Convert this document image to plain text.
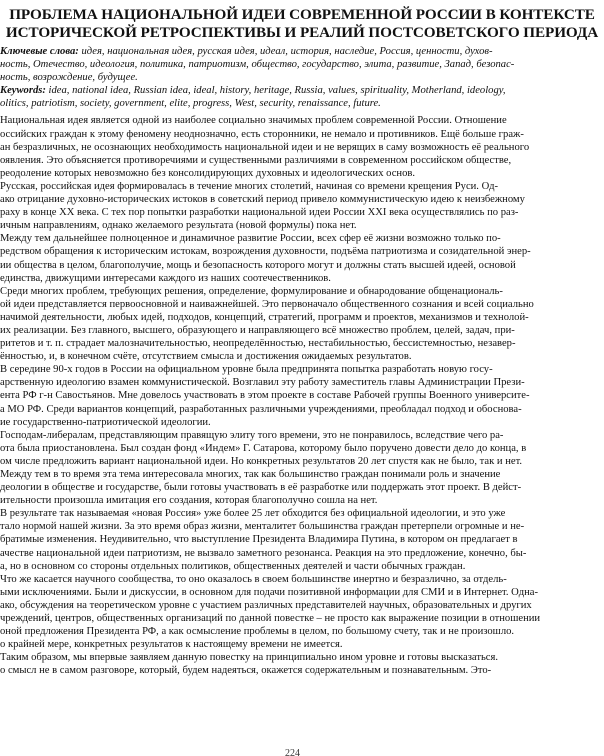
ПРОБЛЕМА НАЦИОНАЛЬНОЙ ИДЕИ СОВРЕМЕННОЙ РОССИИ В КОНТЕКСТЕ
ИСТОРИЧЕСКОЙ РЕТРОСПЕКТИВЫ И РЕАЛИЙ ПОСТСОВЕТСКОГО ПЕРИОДА
Ключевые слова: идея, национальная идея, русская идея, идеал, история, наследие, Россия, ценности, духов-
ность, Отечество, идеология, политика, патриотизм, общество, государство, элита, развитие, Запад, безопас-
ность, возрождение, будущее.
Keywords: idea, national idea, Russian idea, ideal, history, heritage, Russia, values, spirituality, Motherland, ideology,
olitics, patriotism, society, government, elite, progress, West, security, renaissance, future.
Национальная идея является одной из наиболее социально значимых проблем современной России. Отношение
оссийских граждан к этому феномену неоднозначно, есть сторонники, не немало и противников. Ещё больше граж-
ан безразличных, не осознающих необходимость национальной идеи и не верящих в саму возможность её реального
оявления. Это объясняется противоречиями и существенными различиями в современном российском обществе,
реодоление которых невозможно без консолидирующих духовных и идеологических основ.
Русская, российская идея формировалась в течение многих столетий, начиная со времени крещения Руси. Од-
ако отрицание духовно-исторических истоков в советский период привело коммунистическую идею к неизбежному
раху в конце XX века. С тех пор попытки разработки национальной идеи России XXI века осуществлялись по раз-
ичным направлениям, однако желаемого результата (новой формулы) пока нет.
Между тем дальнейшее полноценное и динамичное развитие России, всех сфер её жизни возможно только по-
редством обращения к историческим истокам, возрождения духовности, подъёма патриотизма и созидательной энер-
ии общества в целом, благополучие, мощь и безопасность которого могут и должны стать высшей идеей, основой
единства, движущими интересами каждого из наших соотечественников.
Среди многих проблем, требующих решения, определение, формулирование и обнародование общенациональ-
ой идеи представляется первоосновной и наиважнейшей. Это первоначало общественного сознания и всей социально
начимой деятельности, любых идей, подходов, концепций, стратегий, программ и проектов, механизмов и технолоӥ-
их реализации. Без главного, высшего, образующего и направляющего всё множество проблем, целей, задач, при-
ритетов и т. п. страдает малозначительностью, неопределённостью, нестабильностью, бессистемностью, незавер-
ённостью, и, в конечном счёте, отсутствием смысла и достижения ожидаемых результатов.
В середине 90-х годов в России на официальном уровне была предпринята попытка разработать новую госу-
арственную идеологию взамен коммунистической. Возглавил эту работу заместитель главы Администрации Прези-
ента РФ г-н Савостьянов. Мне довелось участвовать в этом проекте в составе Рабочей группы Военного университе-
а МО РФ. Среди вариантов концепций, разработанных различными учреждениями, преобладал подход и обоснова-
ие государственно-патриотической идеологии.
Господам-либералам, представляющим правящую элиту того времени, это не понравилось, вследствие чего ра-
ота была приостановлена. Был создан фонд «Индем» Г. Сатарова, которому было поручено довести дело до конца, в
ом числе предложить вариант национальной идеи. Но конкретных результатов 20 лет спустя как не было, так и нет.
Между тем в то время эта тема интересовала многих, так как большинство граждан понимали роль и значение
деологии в обществе и государстве, были готовы участвовать в её разработке или поддержать этот проект. В дейст-
ительности произошла имитация его создания, которая благополучно сошла на нет.
В результате так называемая «новая Россия» уже более 25 лет обходится без официальной идеологии, и это уже
тало нормой нашей жизни. За это время образ жизни, менталитет большинства граждан претерпели огромные и не-
братимые изменения. Неудивительно, что выступление Президента Владимира Путина, в котором он предлагает в
ачестве национальной идеи патриотизм, не вызвало заметного резонанса. Реакция на это предложение, конечно, бы-
а, но в основном со стороны отдельных политиков, общественных деятелей и части обычных граждан.
Что же касается научного сообщества, то оно оказалось в своем большинстве инертно и безразлично, за отдель-
ыми исключениями. Были и дискуссии, в основном для подачи позитивной информации для СМИ и в Интернет. Одна-
ако, обсуждения на теоретическом уровне с участием различных представителей научных, образовательных и других
чреждений, центров, общественных организаций по данной повестке – не просто как выражение позиции в отношении
оной предложения Президента РФ, а как осмысление проблемы в целом, по большому счету, так и не произошло.
о крайней мере, конкретных результатов к настоящему времени не имеется.
Таким образом, мы впервые заявляем данную повестку на принципиально ином уровне и готовы высказаться.
о смысл не в самом разговоре, который, будем надеяться, окажется содержательным и познавательным. Это-
224
